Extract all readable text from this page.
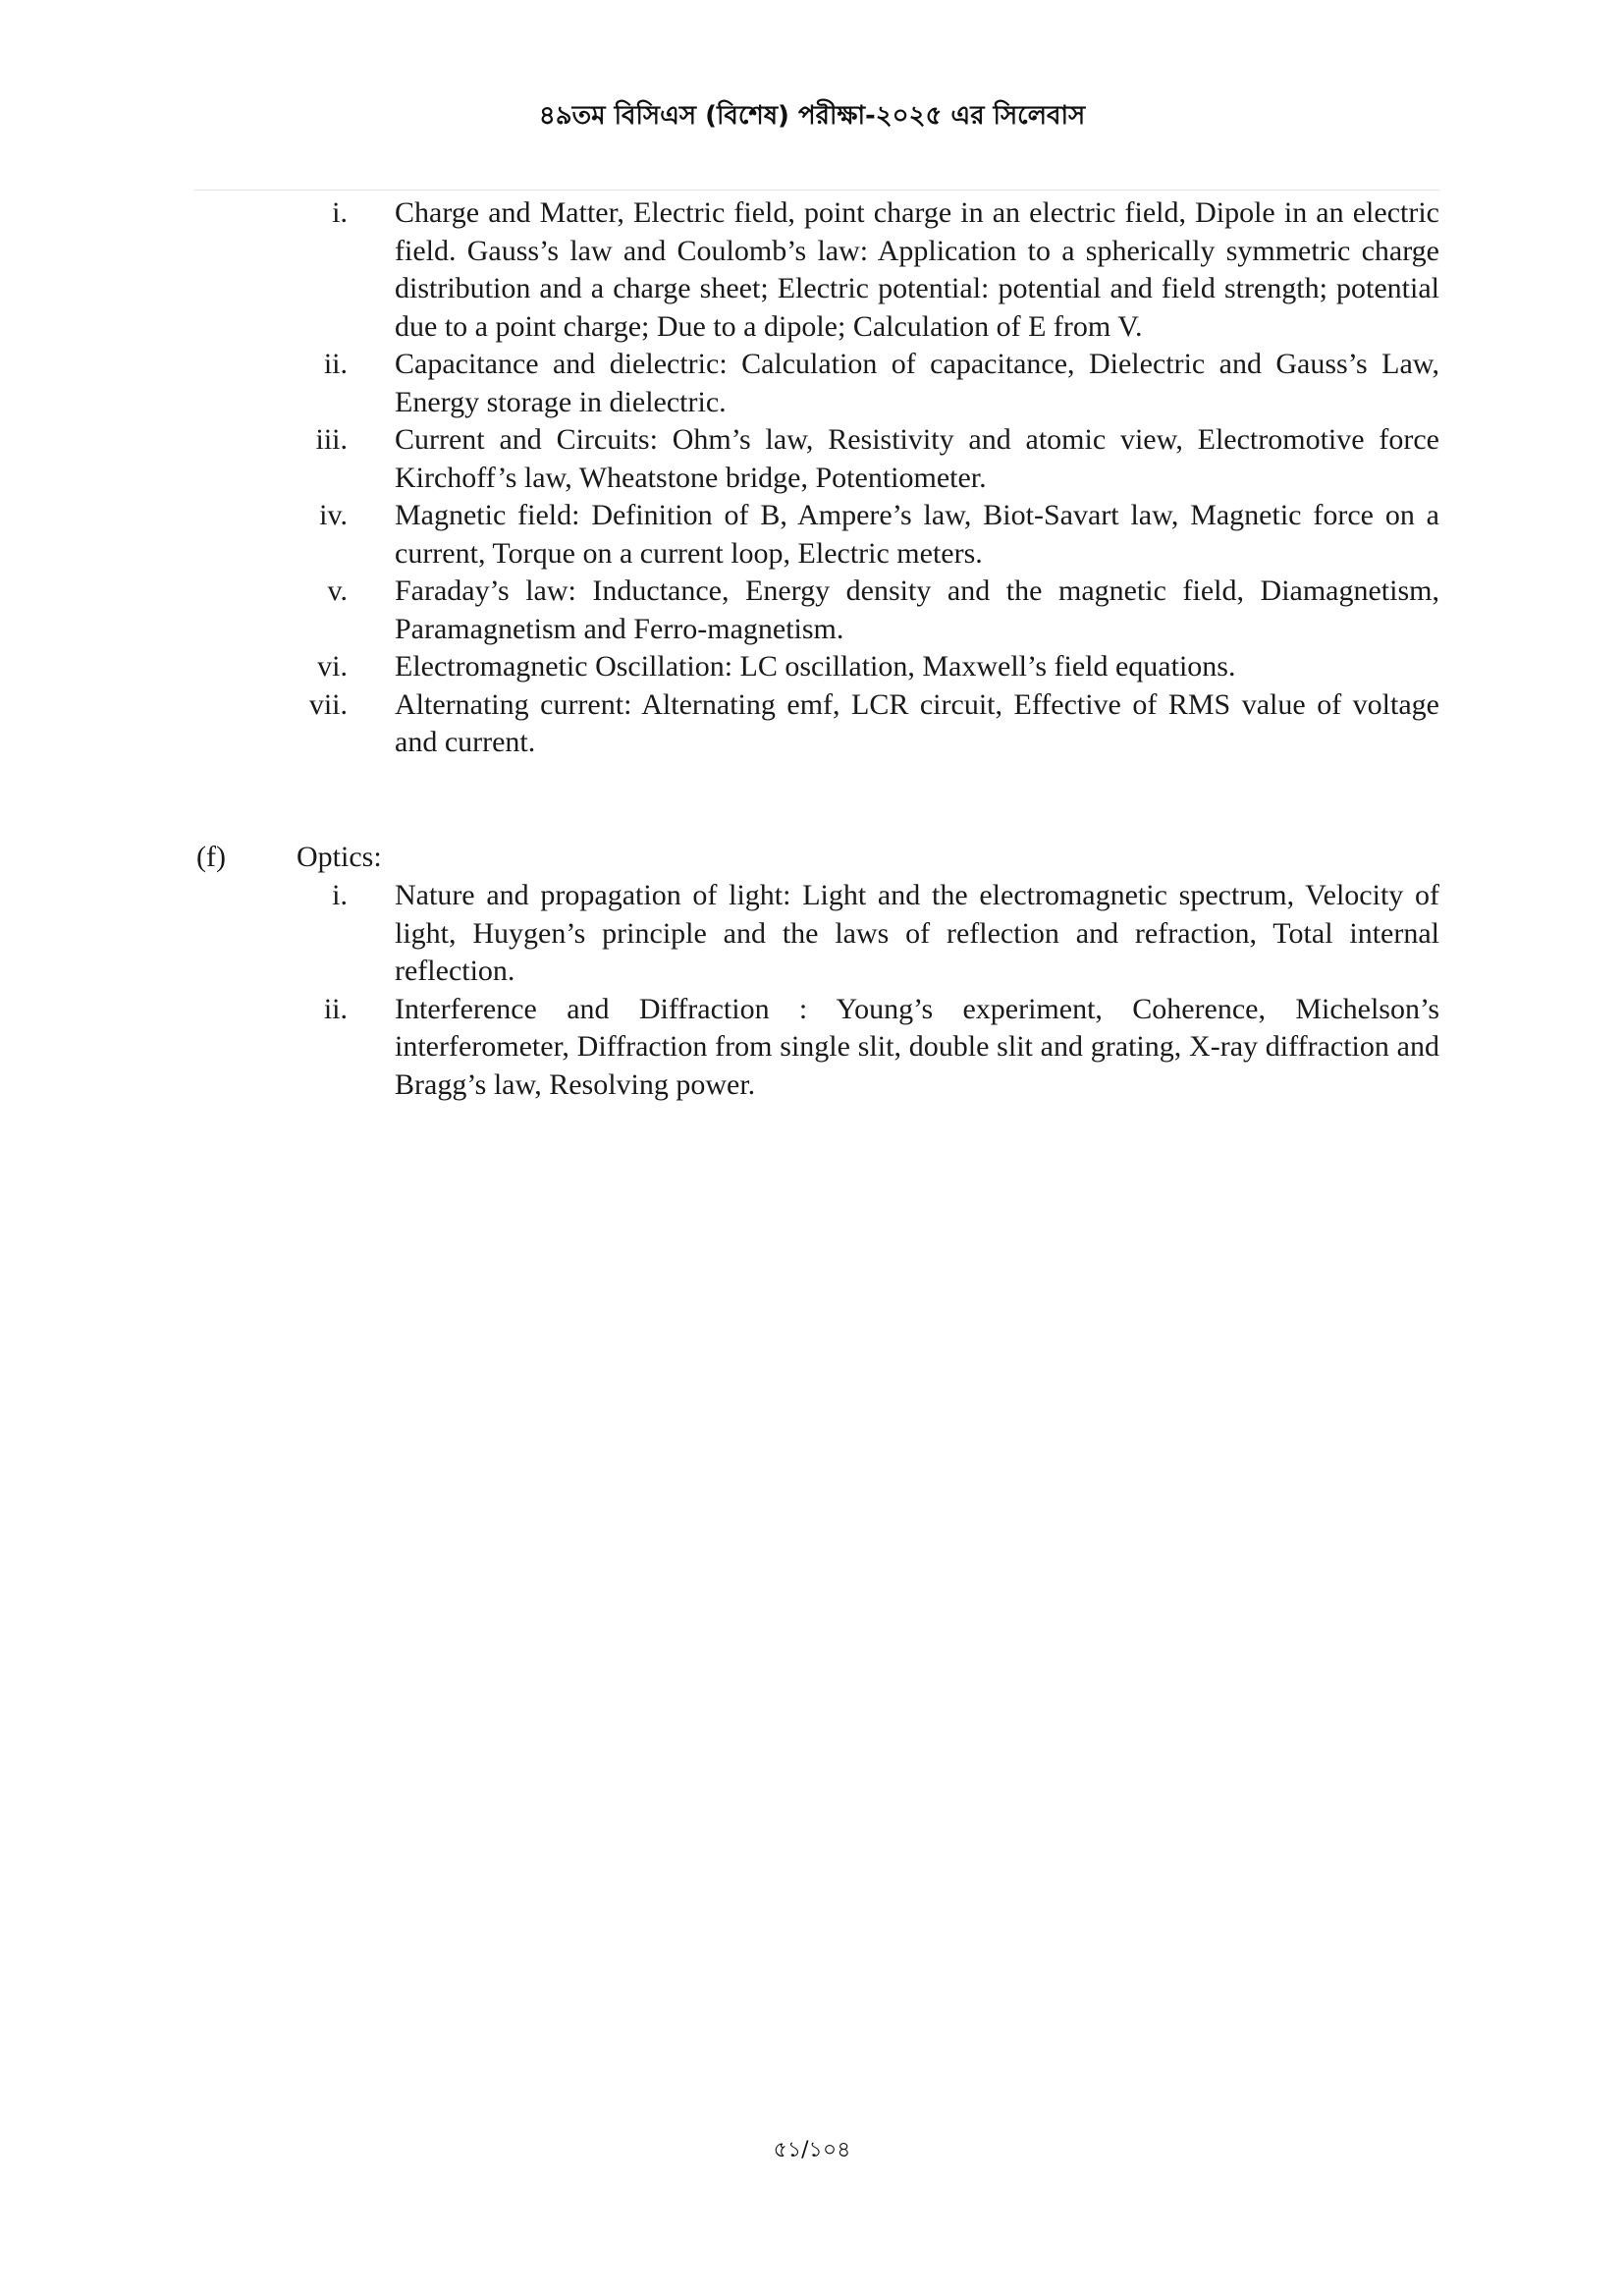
৪৯তম বিসিএস (বিশেষ) পরীক্ষা-২০২৫ এর সিলেবাস
i. Charge and Matter, Electric field, point charge in an electric field, Dipole in an electric field. Gauss’s law and Coulomb’s law: Application to a spherically symmetric charge distribution and a charge sheet; Electric potential: potential and field strength; potential due to a point charge; Due to a dipole; Calculation of E from V.
ii. Capacitance and dielectric: Calculation of capacitance, Dielectric and Gauss’s Law, Energy storage in dielectric.
iii. Current and Circuits: Ohm’s law, Resistivity and atomic view, Electromotive force Kirchoff’s law, Wheatstone bridge, Potentiometer.
iv. Magnetic field: Definition of B, Ampere’s law, Biot-Savart law, Magnetic force on a current, Torque on a current loop, Electric meters.
v. Faraday’s law: Inductance, Energy density and the magnetic field, Diamagnetism, Paramagnetism and Ferro-magnetism.
vi. Electromagnetic Oscillation: LC oscillation, Maxwell’s field equations.
vii. Alternating current: Alternating emf, LCR circuit, Effective of RMS value of voltage and current.
(f) Optics:
i. Nature and propagation of light: Light and the electromagnetic spectrum, Velocity of light, Huygen’s principle and the laws of reflection and refraction, Total internal reflection.
ii. Interference and Diffraction : Young’s experiment, Coherence, Michelson’s interferometer, Diffraction from single slit, double slit and grating, X-ray diffraction and Bragg’s law, Resolving power.
৫১/১০৪
